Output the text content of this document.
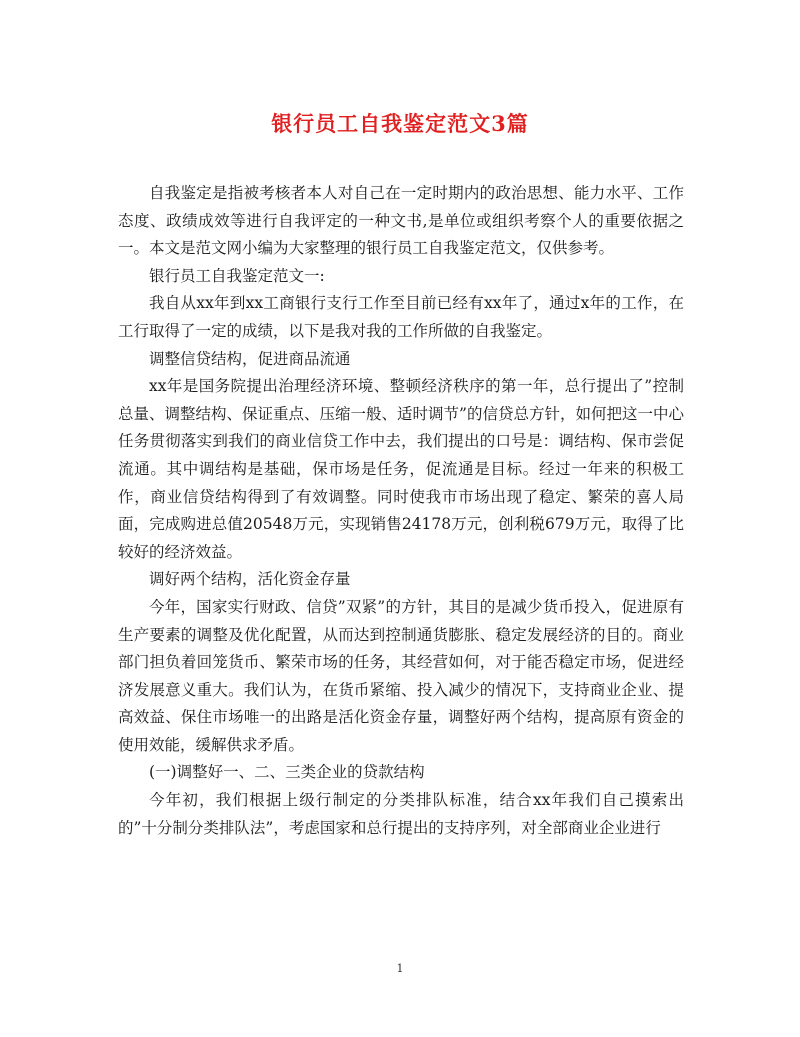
银行员工自我鉴定范文3篇

自我鉴定是指被考核者本人对自己在一定时期内的政治思想、能力水平、工作态度、政绩成效等进行自我评定的一种文书,是单位或组织考察个人的重要依据之一。本文是范文网小编为大家整理的银行员工自我鉴定范文，仅供参考。

银行员工自我鉴定范文一:

我自从xx年到xx工商银行支行工作至目前已经有xx年了，通过x年的工作，在工行取得了一定的成绩，以下是我对我的工作所做的自我鉴定。

调整信贷结构，促进商品流通

xx年是国务院提出治理经济环境、整顿经济秩序的第一年，总行提出了”控制总量、调整结构、保证重点、压缩一般、适时调节”的信贷总方针，如何把这一中心任务贯彻落实到我们的商业信贷工作中去，我们提出的口号是：调结构、保市尝促流通。其中调结构是基础，保市场是任务，促流通是目标。经过一年来的积极工作，商业信贷结构得到了有效调整。同时使我市市场出现了稳定、繁荣的喜人局面，完成购进总值20548万元，实现销售24178万元，创利税679万元，取得了比较好的经济效益。

调好两个结构，活化资金存量

今年，国家实行财政、信贷”双紧”的方针，其目的是减少货币投入，促进原有生产要素的调整及优化配置，从而达到控制通货膨胀、稳定发展经济的目的。商业部门担负着回笼货币、繁荣市场的任务，其经营如何，对于能否稳定市场，促进经济发展意义重大。我们认为，在货币紧缩、投入减少的情况下，支持商业企业、提高效益、保住市场唯一的出路是活化资金存量，调整好两个结构，提高原有资金的使用效能，缓解供求矛盾。

(一)调整好一、二、三类企业的贷款结构

今年初，我们根据上级行制定的分类排队标准，结合xx年我们自己摸索出的”十分制分类排队法”，考虑国家和总行提出的支持序列，对全部商业企业进行

1
